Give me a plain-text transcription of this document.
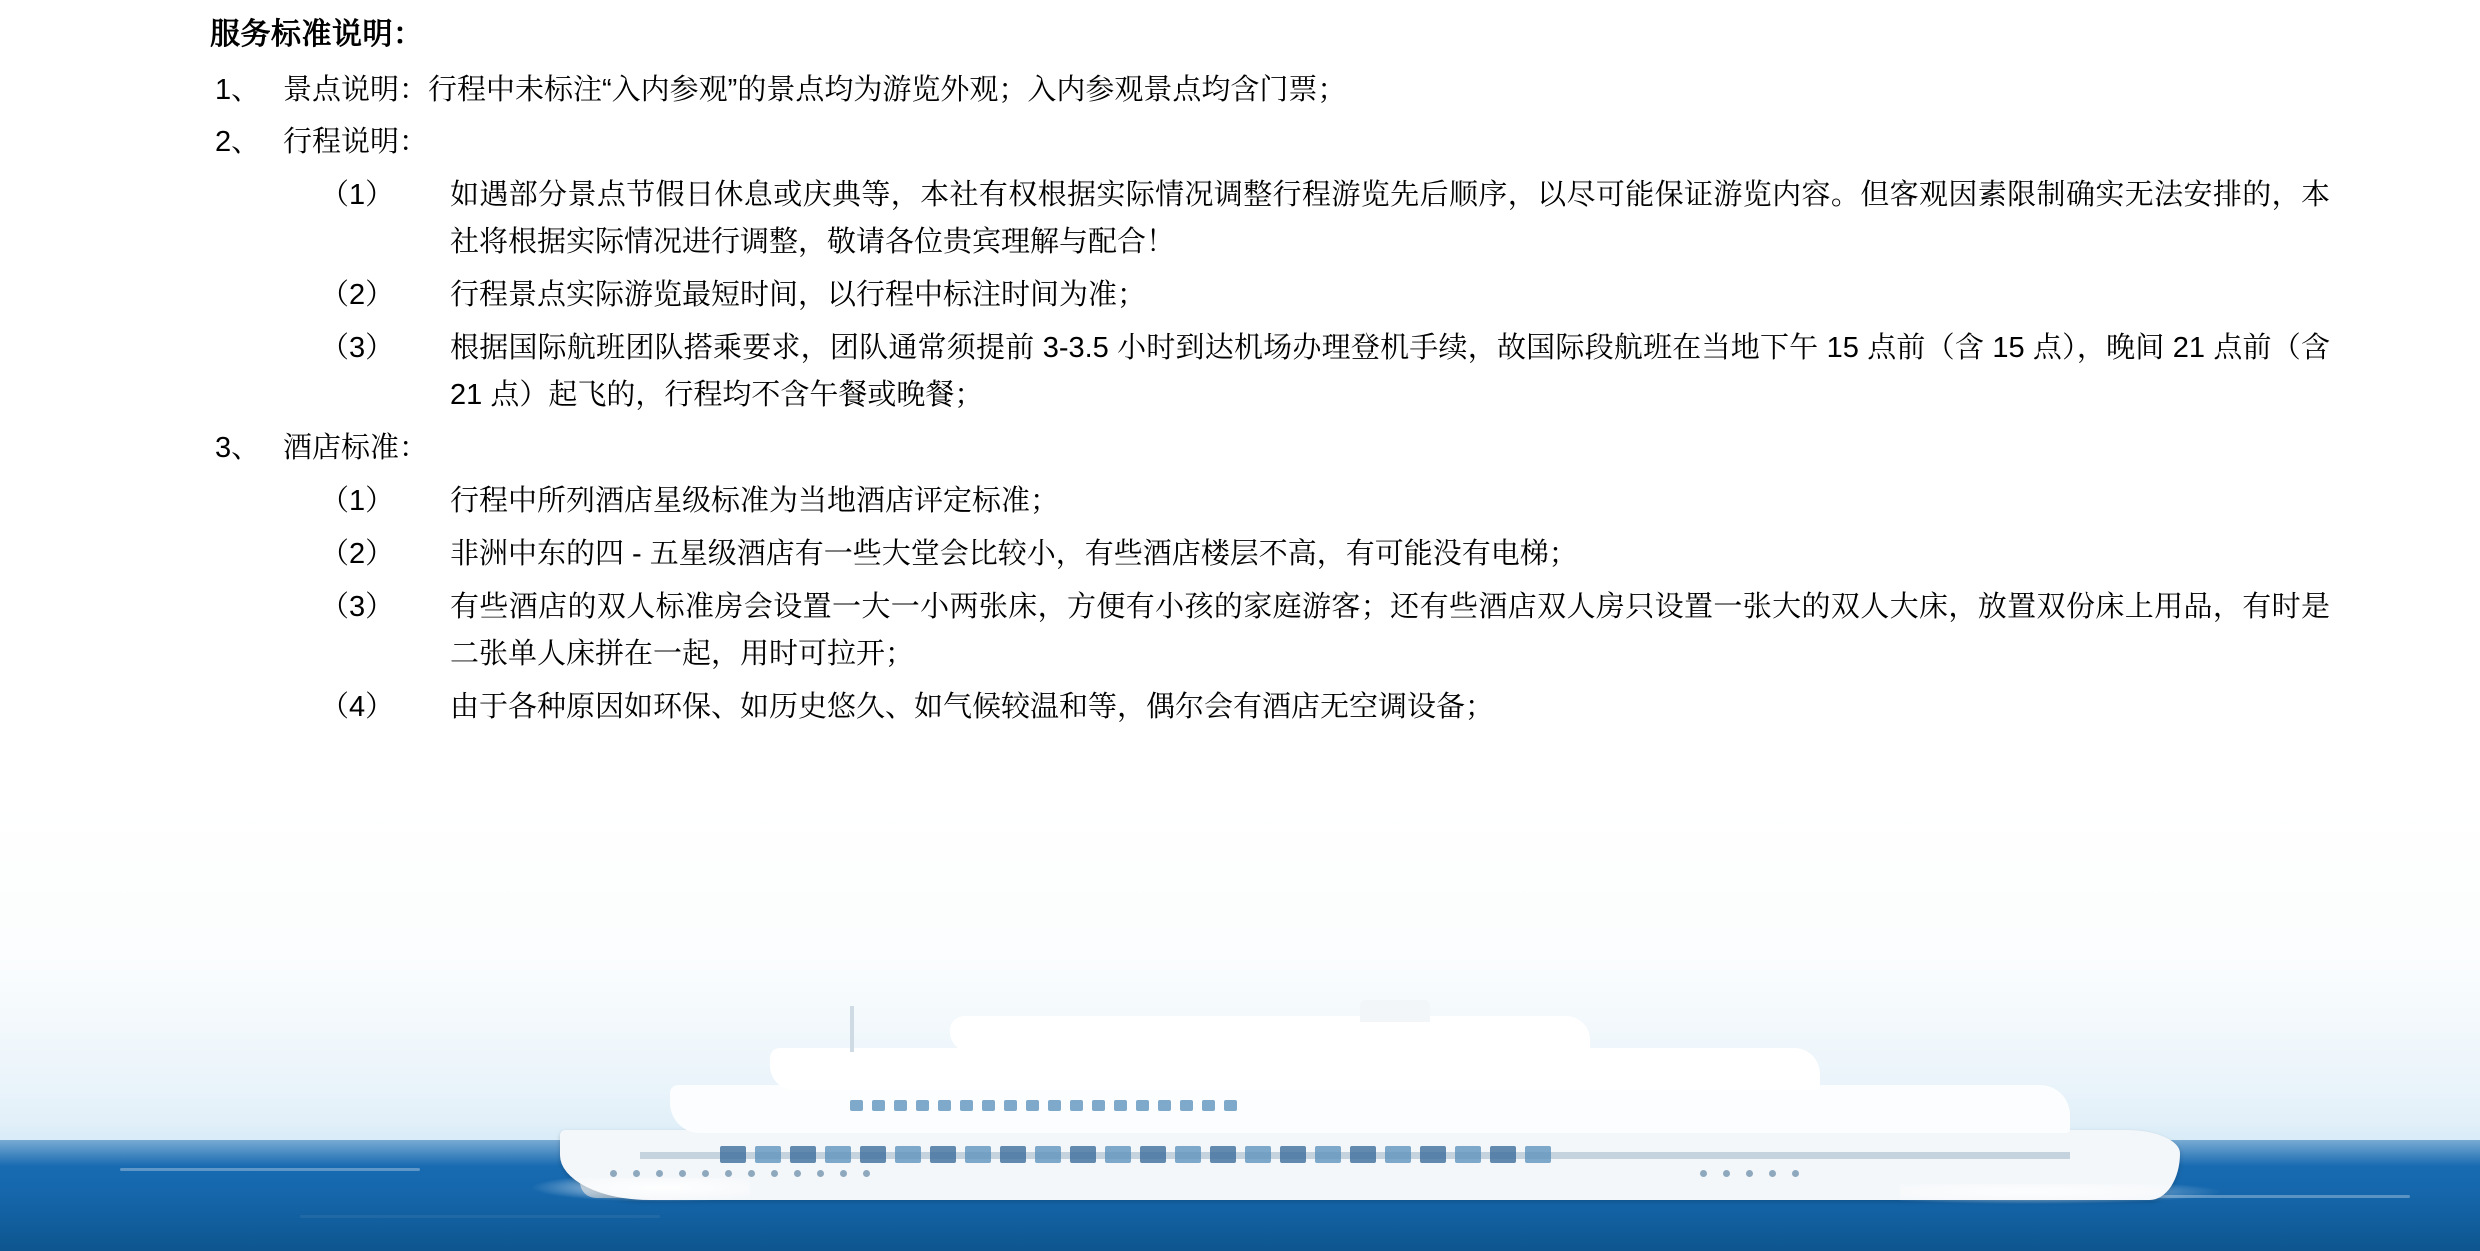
服务标准说明：
1、 景点说明：行程中未标注“入内参观”的景点均为游览外观；入内参观景点均含门票；
2、 行程说明：
（1）	如遇部分景点节假日休息或庆典等，本社有权根据实际情况调整行程游览先后顺序，以尽可能保证游览内容。但客观因素限制确实无法安排的，本社将根据实际情况进行调整，敬请各位贵宾理解与配合！
（2）	行程景点实际游览最短时间，以行程中标注时间为准；
（3）	根据国际航班团队搭乘要求，团队通常须提前 3-3.5 小时到达机场办理登机手续，故国际段航班在当地下午 15 点前（含 15 点），晚间 21 点前（含 21 点）起飞的，行程均不含午餐或晚餐；
3、 酒店标准：
（1）	行程中所列酒店星级标准为当地酒店评定标准；
（2）	非洲中东的四 - 五星级酒店有一些大堂会比较小，有些酒店楼层不高，有可能没有电梯；
（3）	有些酒店的双人标准房会设置一大一小两张床，方便有小孩的家庭游客；还有些酒店双人房只设置一张大的双人大床，放置双份床上用品，有时是二张单人床拼在一起，用时可拉开；
（4）	由于各种原因如环保、如历史悠久、如气候较温和等，偶尔会有酒店无空调设备；
